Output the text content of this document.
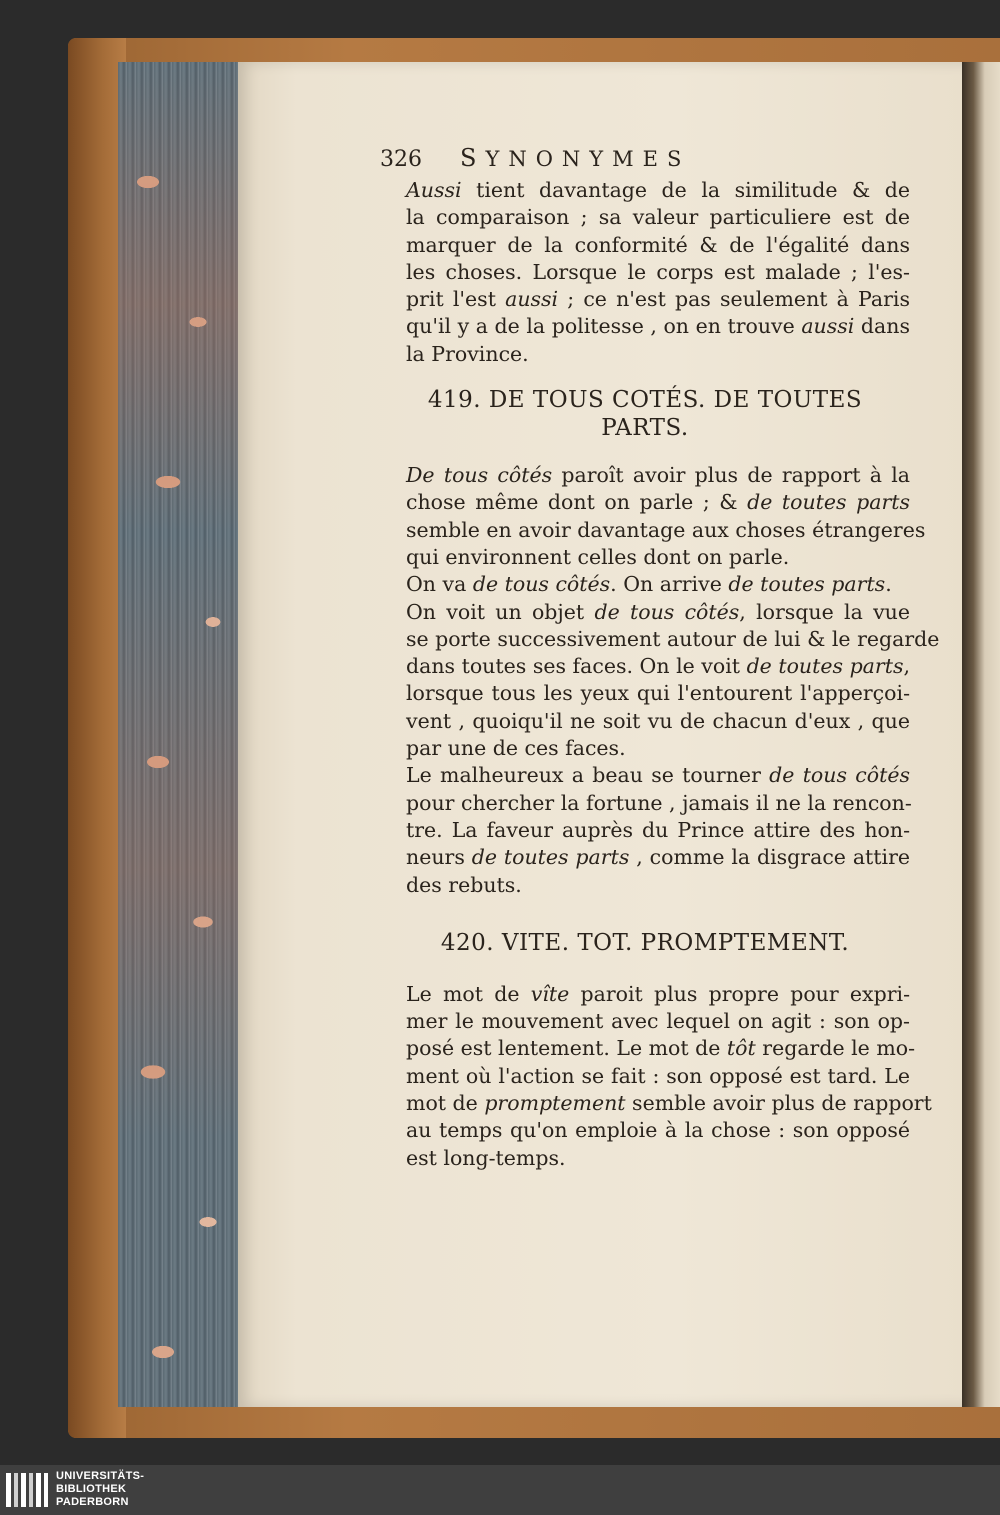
326	SYNONYMES

Aussi tient davantage de la similitude & de
la comparaison ; sa valeur particuliere est de
marquer de la conformité & de l'égalité dans
les choses. Lorsque le corps est malade ; l'es-
prit l'est aussi ; ce n'est pas seulement à Paris
qu'il y a de la politesse , on en trouve aussi dans
la Province.

419. DE TOUS COTÉS. DE TOUTES
PARTS.

De tous côtés paroît avoir plus de rapport à la
chose même dont on parle ; & de toutes parts
semble en avoir davantage aux choses étrangeres
qui environnent celles dont on parle.

On va de tous côtés. On arrive de toutes parts.

On voit un objet de tous côtés, lorsque la vue
se porte successivement autour de lui & le regarde
dans toutes ses faces. On le voit de toutes parts,
lorsque tous les yeux qui l'entourent l'apperçoi-
vent , quoiqu'il ne soit vu de chacun d'eux , que
par une de ces faces.

Le malheureux a beau se tourner de tous côtés
pour chercher la fortune , jamais il ne la rencon-
tre. La faveur auprès du Prince attire des hon-
neurs de toutes parts , comme la disgrace attire
des rebuts.

420. VITE. TOT. PROMPTEMENT.

Le mot de vîte paroit plus propre pour expri-
mer le mouvement avec lequel on agit : son op-
posé est lentement. Le mot de tôt regarde le mo-
ment où l'action se fait : son opposé est tard. Le
mot de promptement semble avoir plus de rapport
au temps qu'on emploie à la chose : son opposé
est long-temps.

UNIVERSITÄTS-
BIBLIOTHEK
PADERBORN
